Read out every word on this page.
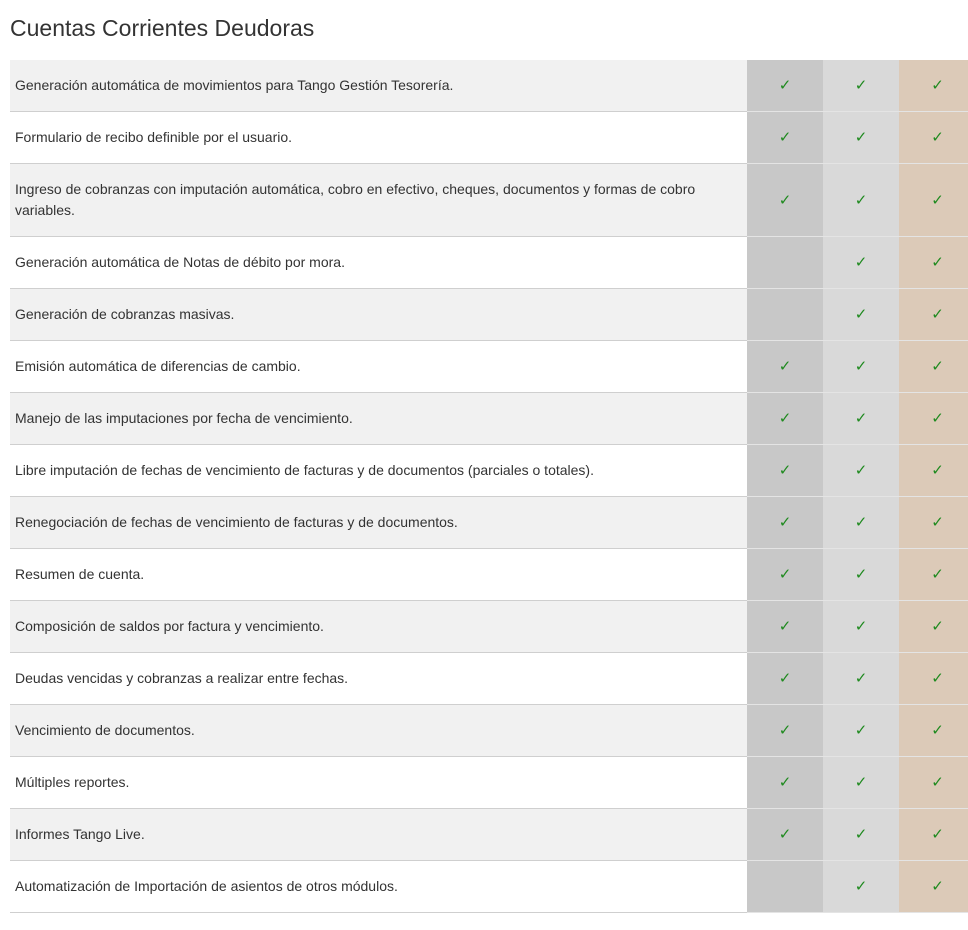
Cuentas Corrientes Deudoras
Generación automática de movimientos para Tango Gestión Tesorería.	✓	✓	✓
Formulario de recibo definible por el usuario.	✓	✓	✓
Ingreso de cobranzas con imputación automática, cobro en efectivo, cheques, documentos y formas de cobro variables.	✓	✓	✓
Generación automática de Notas de débito por mora.		✓	✓
Generación de cobranzas masivas.		✓	✓
Emisión automática de diferencias de cambio.	✓	✓	✓
Manejo de las imputaciones por fecha de vencimiento.	✓	✓	✓
Libre imputación de fechas de vencimiento de facturas y de documentos (parciales o totales).	✓	✓	✓
Renegociación de fechas de vencimiento de facturas y de documentos.	✓	✓	✓
Resumen de cuenta.	✓	✓	✓
Composición de saldos por factura y vencimiento.	✓	✓	✓
Deudas vencidas y cobranzas a realizar entre fechas.	✓	✓	✓
Vencimiento de documentos.	✓	✓	✓
Múltiples reportes.	✓	✓	✓
Informes Tango Live.	✓	✓	✓
Automatización de Importación de asientos de otros módulos.		✓	✓
